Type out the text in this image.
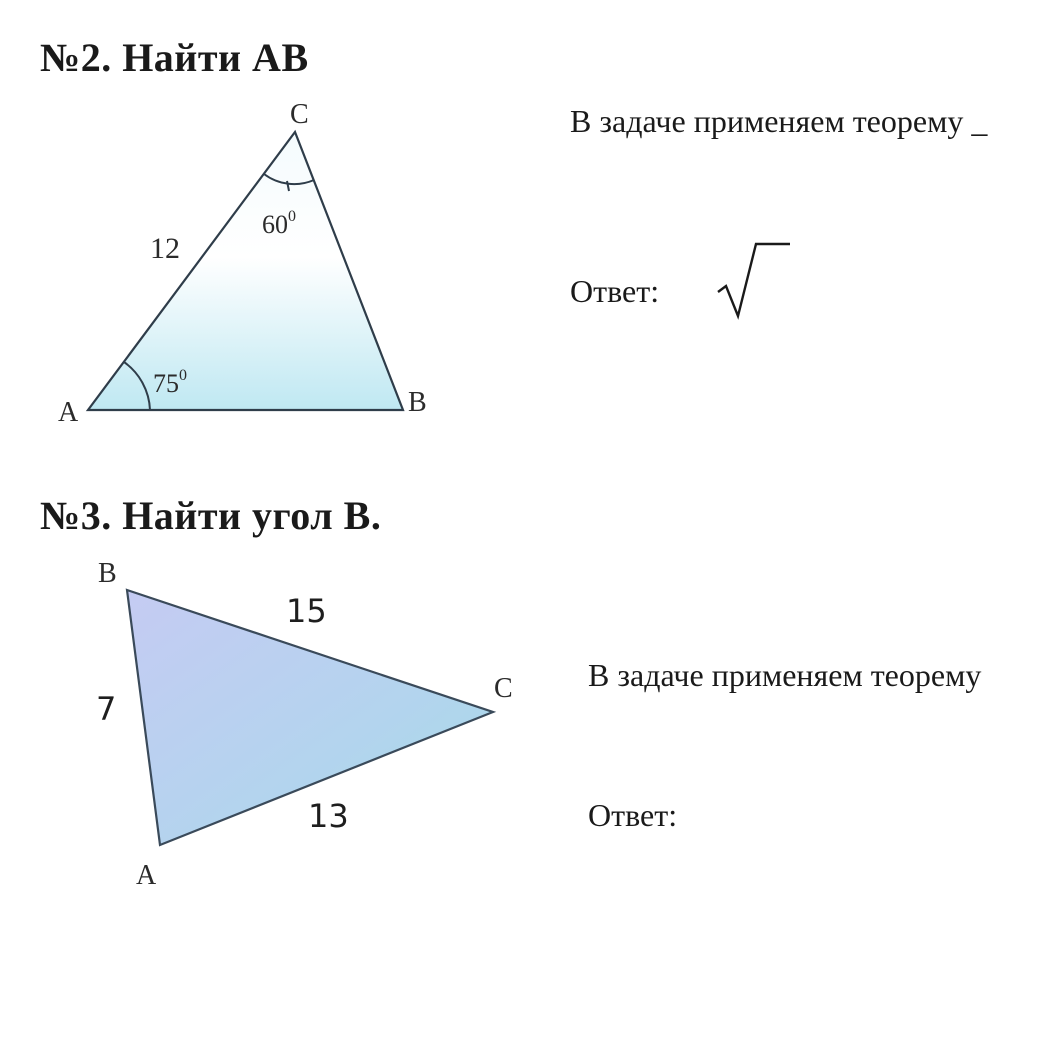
№2. Найти АВ
A	B
C
12
$75^0$
$60^0$
B
C
A
15
7
13
В задаче применяем теорему _
Ответ:
№3. Найти угол В.
В задаче применяем теорему
Ответ:
